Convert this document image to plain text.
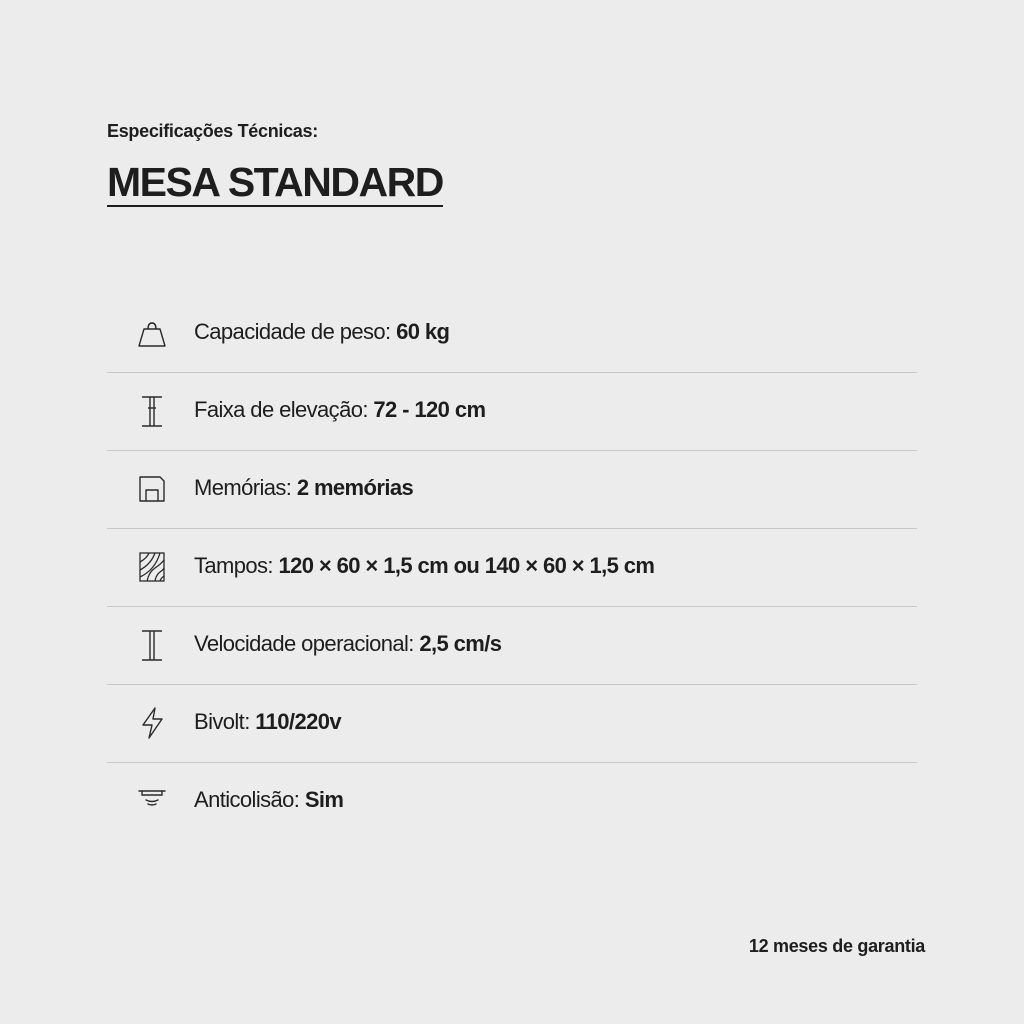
Especificações Técnicas:
MESA STANDARD
Capacidade de peso: 60 kg
Faixa de elevação: 72 - 120 cm
Memórias: 2 memórias
Tampos: 120 × 60 × 1,5 cm ou 140 × 60 × 1,5 cm
Velocidade operacional: 2,5 cm/s
Bivolt: 110/220v
Anticolisão: Sim
12 meses de garantia
